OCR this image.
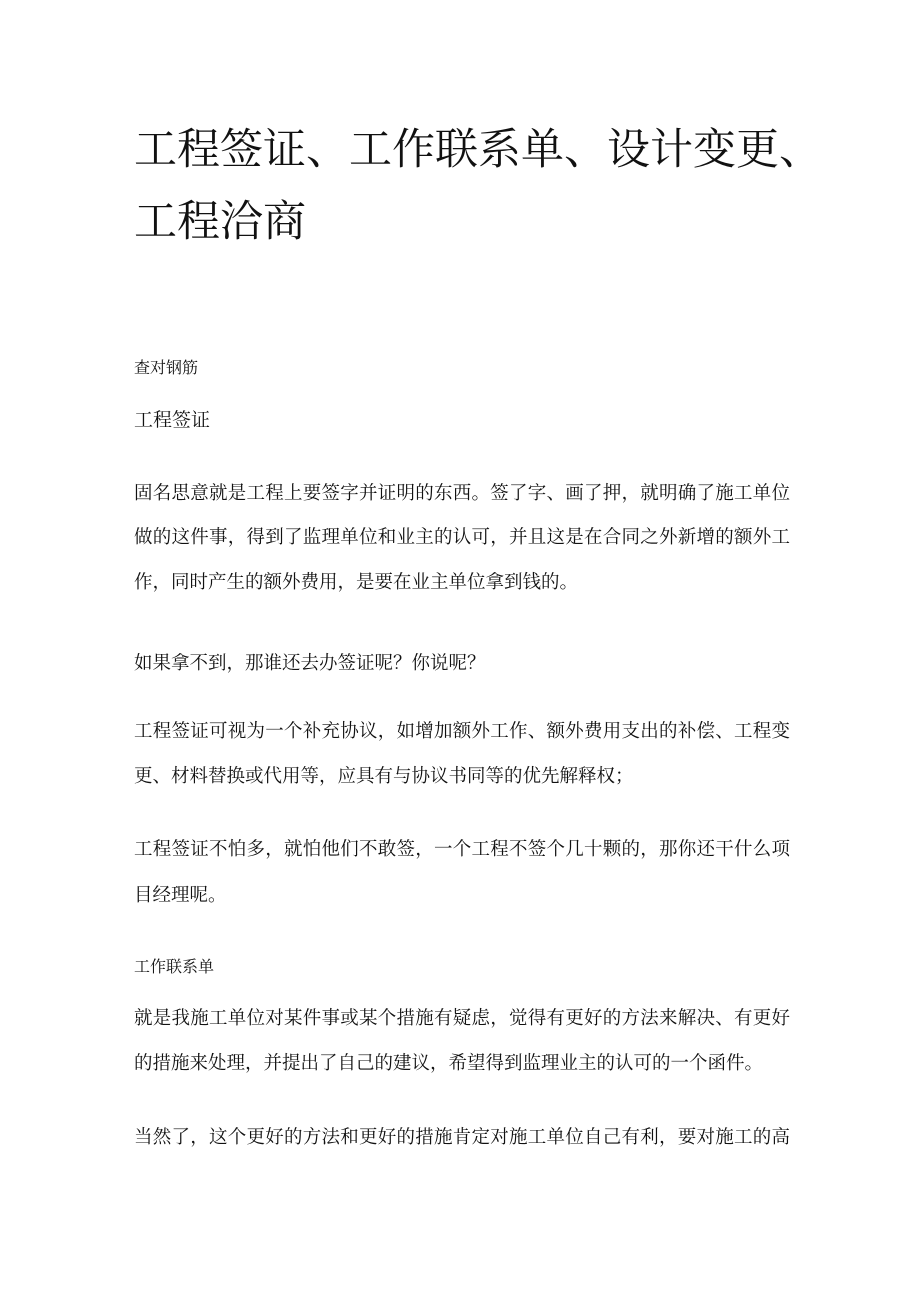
工程签证、工作联系单、设计变更、
工程洽商
查对钢筋
工程签证
固名思意就是工程上要签字并证明的东西。签了字、画了押，就明确了施工单位
做的这件事，得到了监理单位和业主的认可，并且这是在合同之外新增的额外工
作，同时产生的额外费用，是要在业主单位拿到钱的。
如果拿不到，那谁还去办签证呢？你说呢？
工程签证可视为一个补充协议，如增加额外工作、额外费用支出的补偿、工程变
更、材料替换或代用等，应具有与协议书同等的优先解释权；
工程签证不怕多，就怕他们不敢签，一个工程不签个几十颗的，那你还干什么项
目经理呢。
工作联系单
就是我施工单位对某件事或某个措施有疑虑，觉得有更好的方法来解决、有更好
的措施来处理，并提出了自己的建议，希望得到监理业主的认可的一个函件。
当然了，这个更好的方法和更好的措施肯定对施工单位自己有利，要对施工的高
